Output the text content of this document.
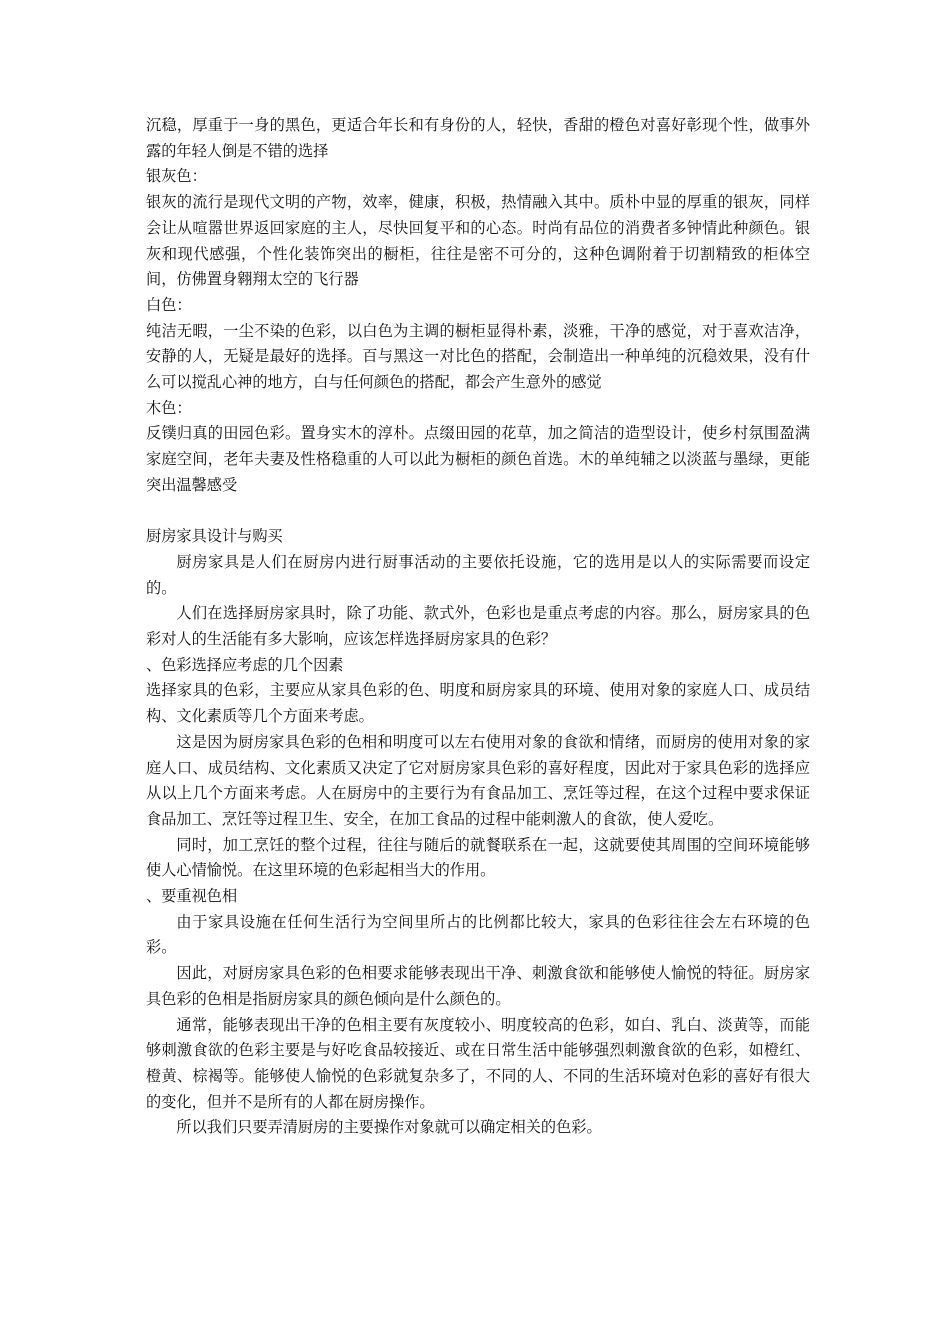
沉稳，厚重于一身的黑色，更适合年长和有身份的人，轻快，香甜的橙色对喜好彰现个性，做事外露的年轻人倒是不错的选择

银灰色：

银灰的流行是现代文明的产物，效率，健康，积极，热情融入其中。质朴中显的厚重的银灰，同样会让从喧嚣世界返回家庭的主人，尽快回复平和的心态。时尚有品位的消费者多钟情此种颜色。银灰和现代感强，个性化装饰突出的橱柜，往往是密不可分的，这种色调附着于切割精致的柜体空间，仿佛置身翱翔太空的飞行器

白色：

纯洁无暇，一尘不染的色彩，以白色为主调的橱柜显得朴素，淡雅，干净的感觉，对于喜欢洁净，安静的人，无疑是最好的选择。百与黑这一对比色的搭配，会制造出一种单纯的沉稳效果，没有什么可以搅乱心神的地方，白与任何颜色的搭配，都会产生意外的感觉

木色：

反镤归真的田园色彩。置身实木的淳朴。点缀田园的花草，加之简洁的造型设计，使乡村氛围盈满家庭空间，老年夫妻及性格稳重的人可以此为橱柜的颜色首选。木的单纯辅之以淡蓝与墨绿，更能突出温馨感受

厨房家具设计与购买

厨房家具是人们在厨房内进行厨事活动的主要依托设施，它的选用是以人的实际需要而设定的。

人们在选择厨房家具时，除了功能、款式外，色彩也是重点考虑的内容。那么，厨房家具的色彩对人的生活能有多大影响，应该怎样选择厨房家具的色彩？

、色彩选择应考虑的几个因素

选择家具的色彩，主要应从家具色彩的色、明度和厨房家具的环境、使用对象的家庭人口、成员结构、文化素质等几个方面来考虑。

这是因为厨房家具色彩的色相和明度可以左右使用对象的食欲和情绪，而厨房的使用对象的家庭人口、成员结构、文化素质又决定了它对厨房家具色彩的喜好程度，因此对于家具色彩的选择应从以上几个方面来考虑。人在厨房中的主要行为有食品加工、烹饪等过程，在这个过程中要求保证食品加工、烹饪等过程卫生、安全，在加工食品的过程中能刺激人的食欲，使人爱吃。

同时，加工烹饪的整个过程，往往与随后的就餐联系在一起，这就要使其周围的空间环境能够使人心情愉悦。在这里环境的色彩起相当大的作用。

、要重视色相

由于家具设施在任何生活行为空间里所占的比例都比较大，家具的色彩往往会左右环境的色彩。

因此，对厨房家具色彩的色相要求能够表现出干净、刺激食欲和能够使人愉悦的特征。厨房家具色彩的色相是指厨房家具的颜色倾向是什么颜色的。

通常，能够表现出干净的色相主要有灰度较小、明度较高的色彩，如白、乳白、淡黄等，而能够刺激食欲的色彩主要是与好吃食品较接近、或在日常生活中能够强烈刺激食欲的色彩，如橙红、橙黄、棕褐等。能够使人愉悦的色彩就复杂多了，不同的人、不同的生活环境对色彩的喜好有很大的变化，但并不是所有的人都在厨房操作。

所以我们只要弄清厨房的主要操作对象就可以确定相关的色彩。
